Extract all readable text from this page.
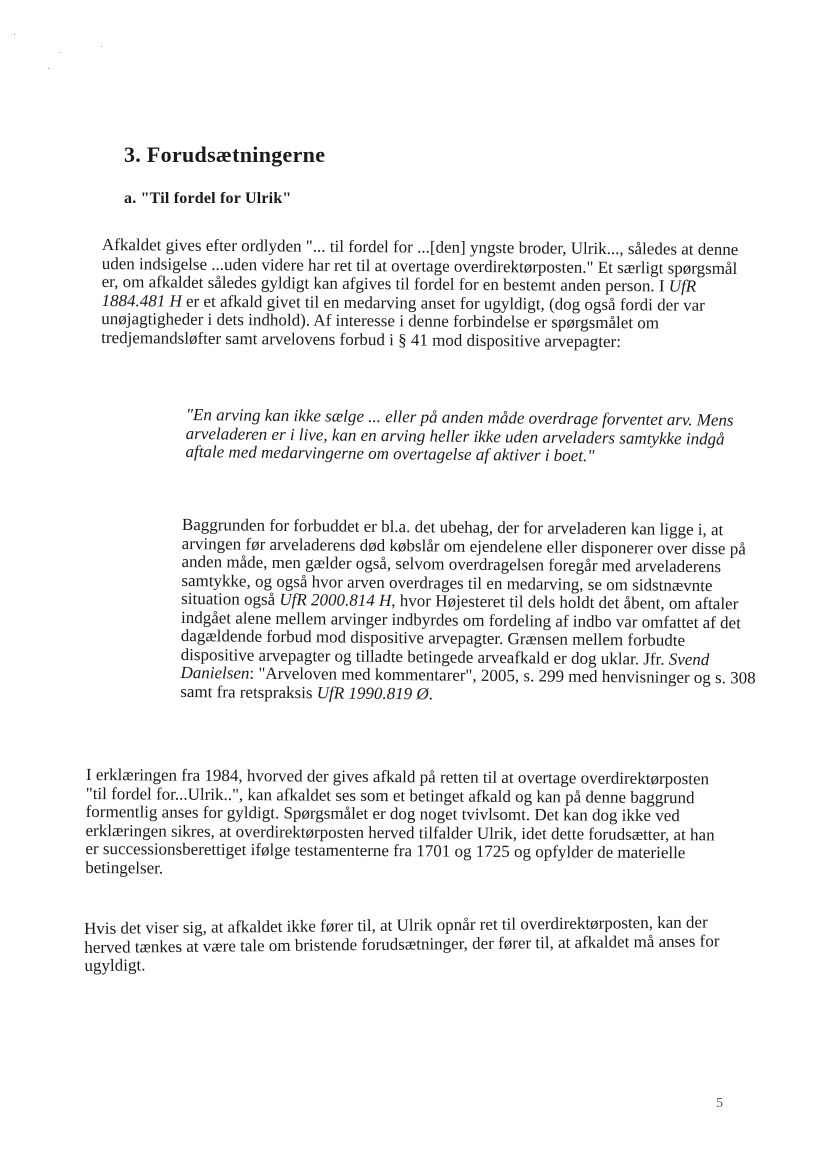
3. Forudsætningerne
a. "Til fordel for Ulrik"

Afkaldet gives efter ordlyden "... til fordel for ...[den] yngste broder, Ulrik..., således at denne uden indsigelse ...uden videre har ret til at overtage overdirektørposten." Et særligt spørgsmål er, om afkaldet således gyldigt kan afgives til fordel for en bestemt anden person. I UfR 1884.481 H er et afkald givet til en medarving anset for ugyldigt, (dog også fordi der var unøjagtigheder i dets indhold). Af interesse i denne forbindelse er spørgsmålet om tredjemandsløfter samt arvelovens forbud i § 41 mod dispositive arvepagter:

"En arving kan ikke sælge ... eller på anden måde overdrage forventet arv. Mens arveladeren er i live, kan en arving heller ikke uden arveladers samtykke indgå aftale med medarvingerne om overtagelse af aktiver i boet."

Baggrunden for forbuddet er bl.a. det ubehag, der for arveladeren kan ligge i, at arvingen før arveladerens død købslår om ejendelene eller disponerer over disse på anden måde, men gælder også, selvom overdragelsen foregår med arveladerens samtykke, og også hvor arven overdrages til en medarving, se om sidstnævnte situation også UfR 2000.814 H, hvor Højesteret til dels holdt det åbent, om aftaler indgået alene mellem arvinger indbyrdes om fordeling af indbo var omfattet af det dagældende forbud mod dispositive arvepagter. Grænsen mellem forbudte dispositive arvepagter og tilladte betingede arveafkald er dog uklar. Jfr. Svend Danielsen: "Arveloven med kommentarer", 2005, s. 299 med henvisninger og s. 308 samt fra retspraksis UfR 1990.819 Ø.

I erklæringen fra 1984, hvorved der gives afkald på retten til at overtage overdirektørposten "til fordel for...Ulrik..", kan afkaldet ses som et betinget afkald og kan på denne baggrund formentlig anses for gyldigt. Spørgsmålet er dog noget tvivlsomt. Det kan dog ikke ved erklæringen sikres, at overdirektørposten herved tilfalder Ulrik, idet dette forudsætter, at han er successionsberettiget ifølge testamenterne fra 1701 og 1725 og opfylder de materielle betingelser.

Hvis det viser sig, at afkaldet ikke fører til, at Ulrik opnår ret til overdirektørposten, kan der herved tænkes at være tale om bristende forudsætninger, der fører til, at afkaldet må anses for ugyldigt.

5
